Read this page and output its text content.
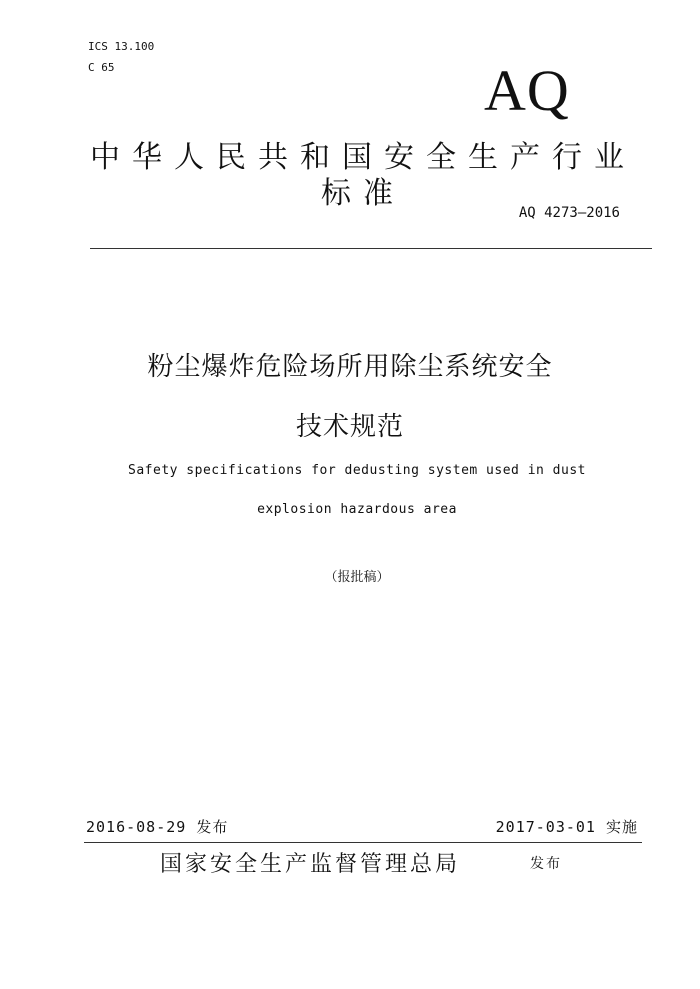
ICS 13.100
C 65	AQ
中华人民共和国安全生产行业标准
AQ 4273—2016
粉尘爆炸危险场所用除尘系统安全
技术规范
Safety specifications for dedusting system used in dust
explosion hazardous area
（报批稿）
2016-08-29 发布	2017-03-01 实施
国家安全生产监督管理总局	发布
